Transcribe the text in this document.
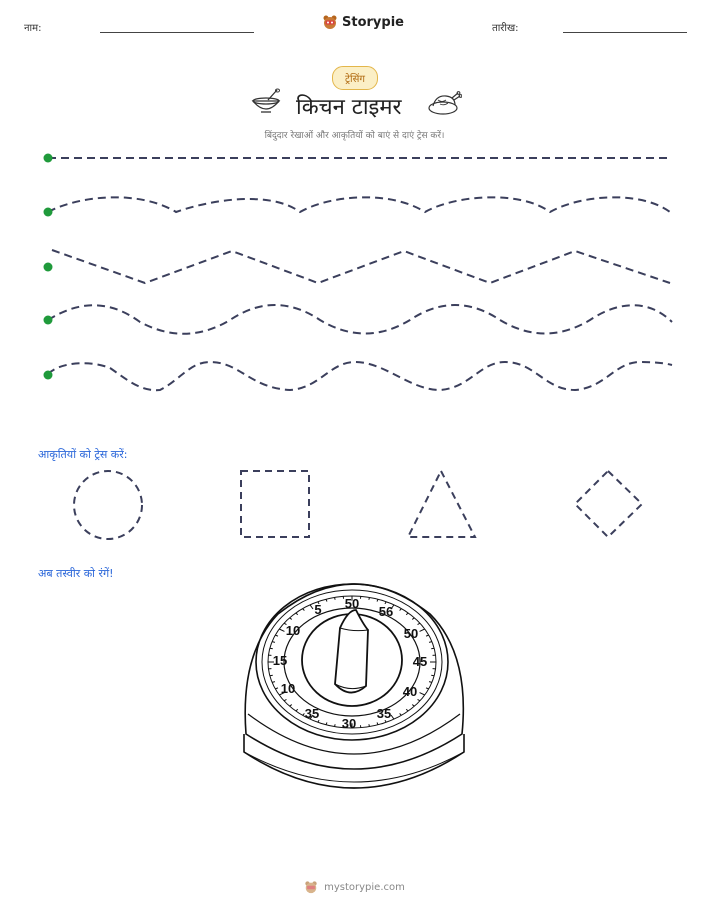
नाम:	Storypie	तारीख:
ट्रेसिंग
किचन टाइमर
बिंदुदार रेखाओं और आकृतियों को बाएं से दाएं ट्रेस करें।
आकृतियों को ट्रेस करें:
अब तस्वीर को रंगें!
50
56
50
45
40
35
30
35
10
15
10
5
mystorypie.com
